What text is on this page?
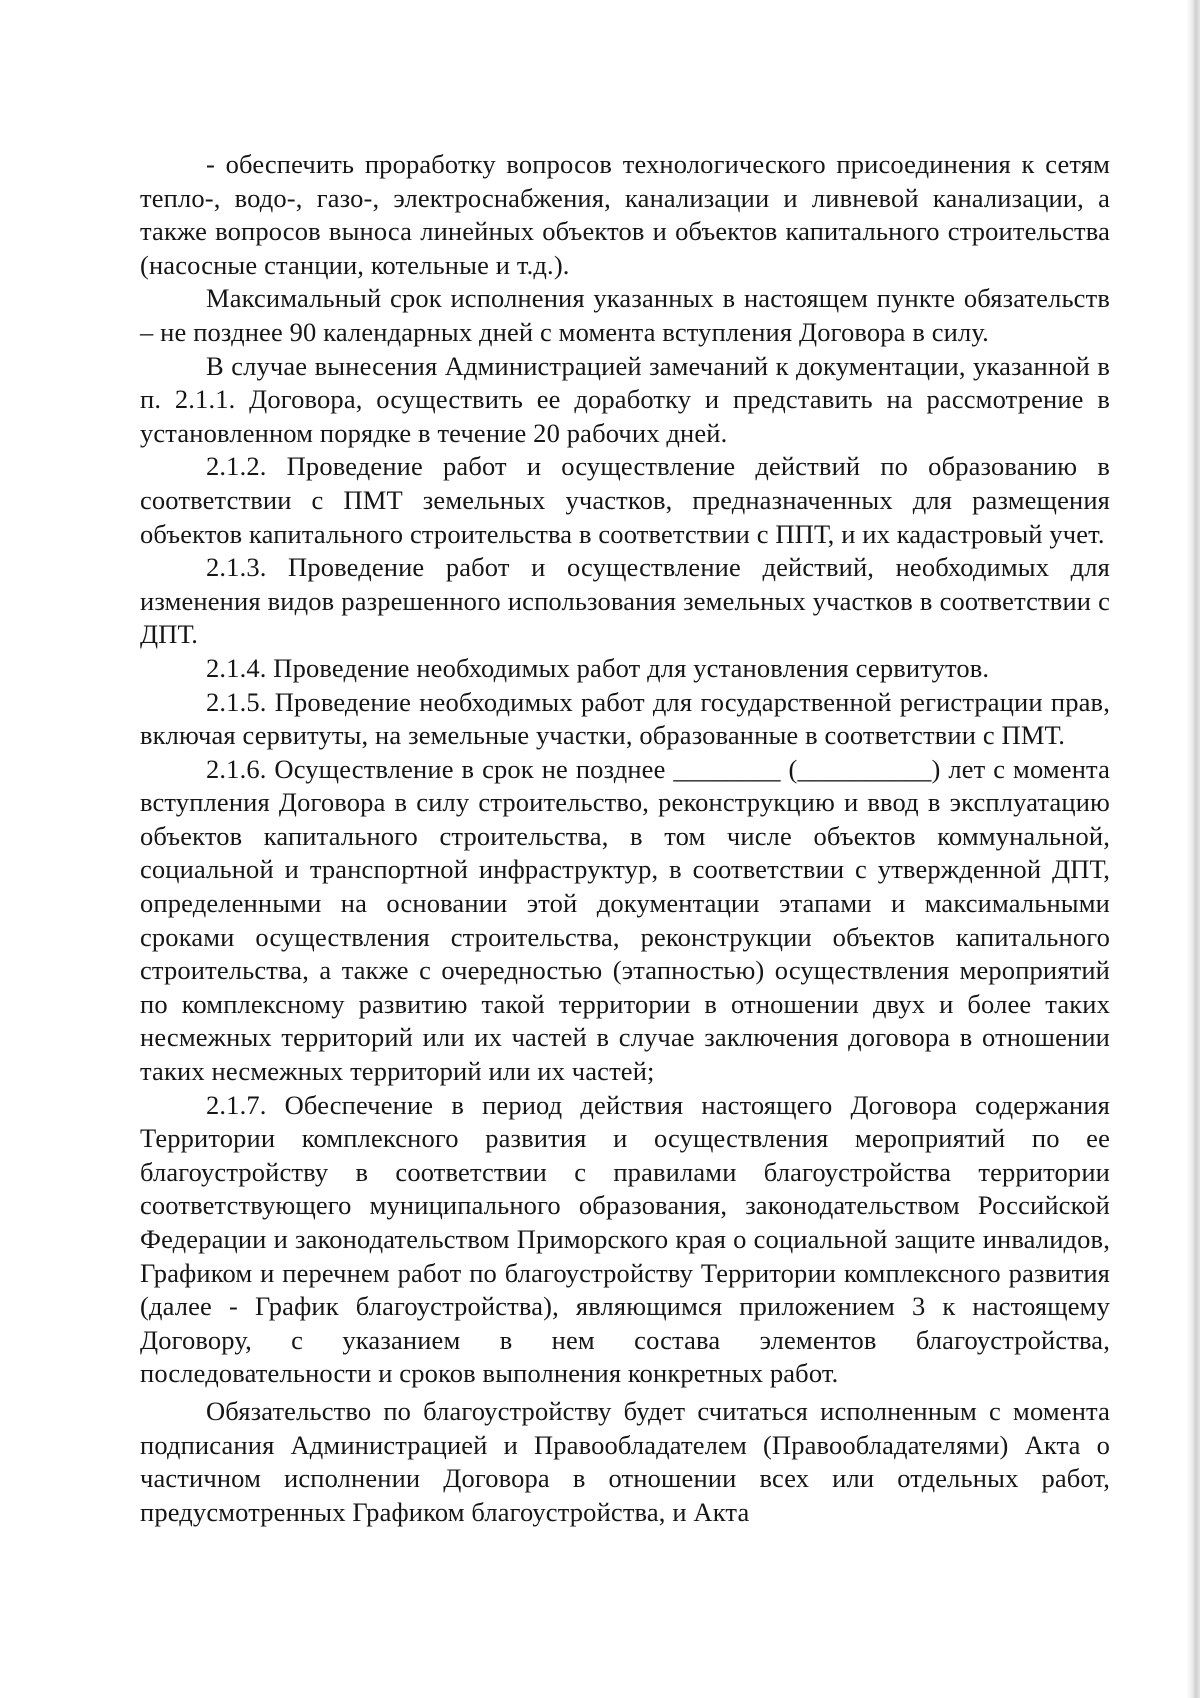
- обеспечить проработку вопросов технологического присоединения к сетям тепло-, водо-, газо-, электроснабжения, канализации и ливневой канализации, а также вопросов выноса линейных объектов и объектов капитального строительства (насосные станции, котельные и т.д.).

Максимальный срок исполнения указанных в настоящем пункте обязательств – не позднее 90 календарных дней с момента вступления Договора в силу.

В случае вынесения Администрацией замечаний к документации, указанной в п. 2.1.1. Договора, осуществить ее доработку и представить на рассмотрение в установленном порядке в течение 20 рабочих дней.

2.1.2. Проведение работ и осуществление действий по образованию в соответствии с ПМТ земельных участков, предназначенных для размещения объектов капитального строительства в соответствии с ППТ, и их кадастровый учет.

2.1.3. Проведение работ и осуществление действий, необходимых для изменения видов разрешенного использования земельных участков в соответствии с ДПТ.

2.1.4. Проведение необходимых работ для установления сервитутов.

2.1.5. Проведение необходимых работ для государственной регистрации прав, включая сервитуты, на земельные участки, образованные в соответствии с ПМТ.

2.1.6. Осуществление в срок не позднее ________ (__________) лет с момента вступления Договора в силу строительство, реконструкцию и ввод в эксплуатацию объектов капитального строительства, в том числе объектов коммунальной, социальной и транспортной инфраструктур, в соответствии с утвержденной ДПТ, определенными на основании этой документации этапами и максимальными сроками осуществления строительства, реконструкции объектов капитального строительства, а также с очередностью (этапностью) осуществления мероприятий по комплексному развитию такой территории в отношении двух и более таких несмежных территорий или их частей в случае заключения договора в отношении таких несмежных территорий или их частей;

2.1.7. Обеспечение в период действия настоящего Договора содержания Территории комплексного развития и осуществления мероприятий по ее благоустройству в соответствии с правилами благоустройства территории соответствующего муниципального образования, законодательством Российской Федерации и законодательством Приморского края о социальной защите инвалидов, Графиком и перечнем работ по благоустройству Территории комплексного развития (далее - График благоустройства), являющимся приложением 3 к настоящему Договору, с указанием в нем состава элементов благоустройства, последовательности и сроков выполнения конкретных работ.

Обязательство по благоустройству будет считаться исполненным с момента подписания Администрацией и Правообладателем (Правообладателями) Акта о частичном исполнении Договора в отношении всех или отдельных работ, предусмотренных Графиком благоустройства, и Акта
